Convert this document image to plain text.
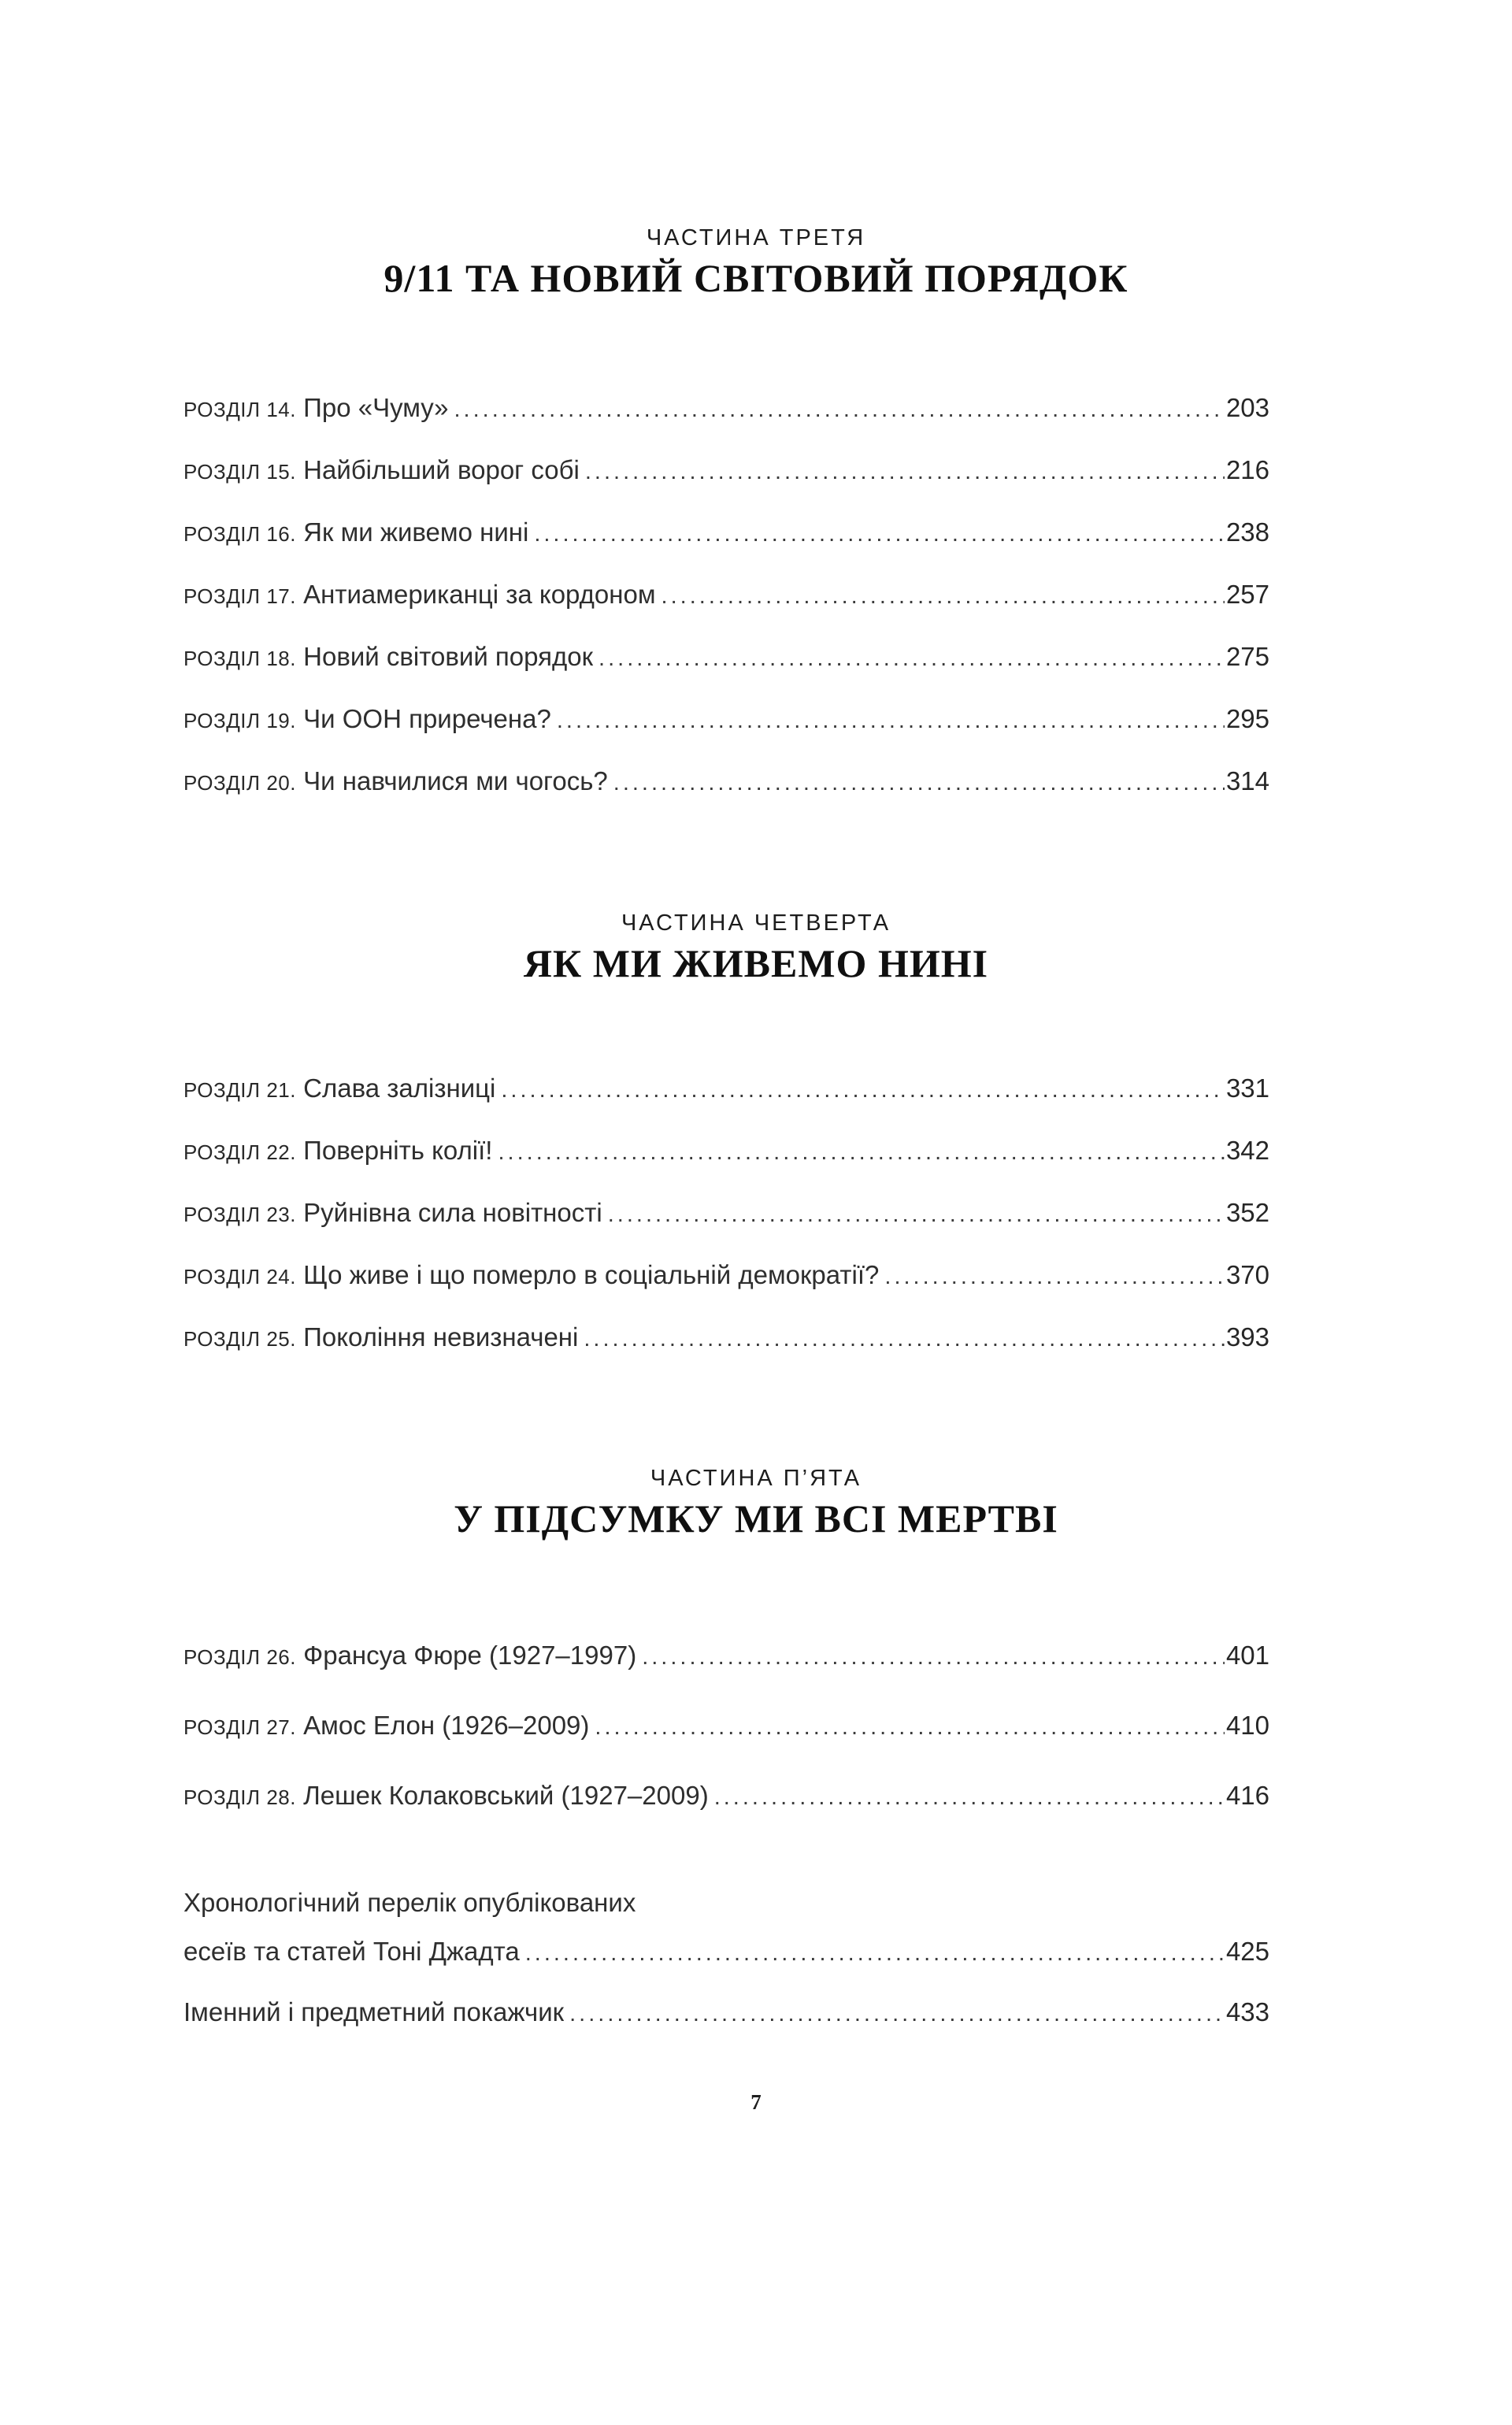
ЧАСТИНА ТРЕТЯ
9/11 ТА НОВИЙ СВІТОВИЙ ПОРЯДОК
РОЗДІЛ 14. Про «Чуму» .....	203
РОЗДІЛ 15. Найбільший ворог собі .....	216
РОЗДІЛ 16. Як ми живемо нині .....	238
РОЗДІЛ 17. Антиамериканці за кордоном .....	257
РОЗДІЛ 18. Новий світовий порядок .....	275
РОЗДІЛ 19. Чи ООН приречена? .....	295
РОЗДІЛ 20. Чи навчилися ми чогось? .....	314
ЧАСТИНА ЧЕТВЕРТА
ЯК МИ ЖИВЕМО НИНІ
РОЗДІЛ 21. Слава залізниці .....	331
РОЗДІЛ 22. Поверніть колії! .....	342
РОЗДІЛ 23. Руйнівна сила новітності .....	352
РОЗДІЛ 24. Що живе і що померло в соціальній демократії? .....	370
РОЗДІЛ 25. Покоління невизначені .....	393
ЧАСТИНА П’ЯТА
У ПІДСУМКУ МИ ВСІ МЕРТВІ
РОЗДІЛ 26. Франсуа Фюре (1927–1997) .....	401
РОЗДІЛ 27. Амос Елон (1926–2009) .....	410
РОЗДІЛ 28. Лешек Колаковський (1927–2009) .....	416
Хронологічний перелік опублікованих
есеїв та статей Тоні Джадта .....	425
Іменний і предметний покажчик .....	433
7
